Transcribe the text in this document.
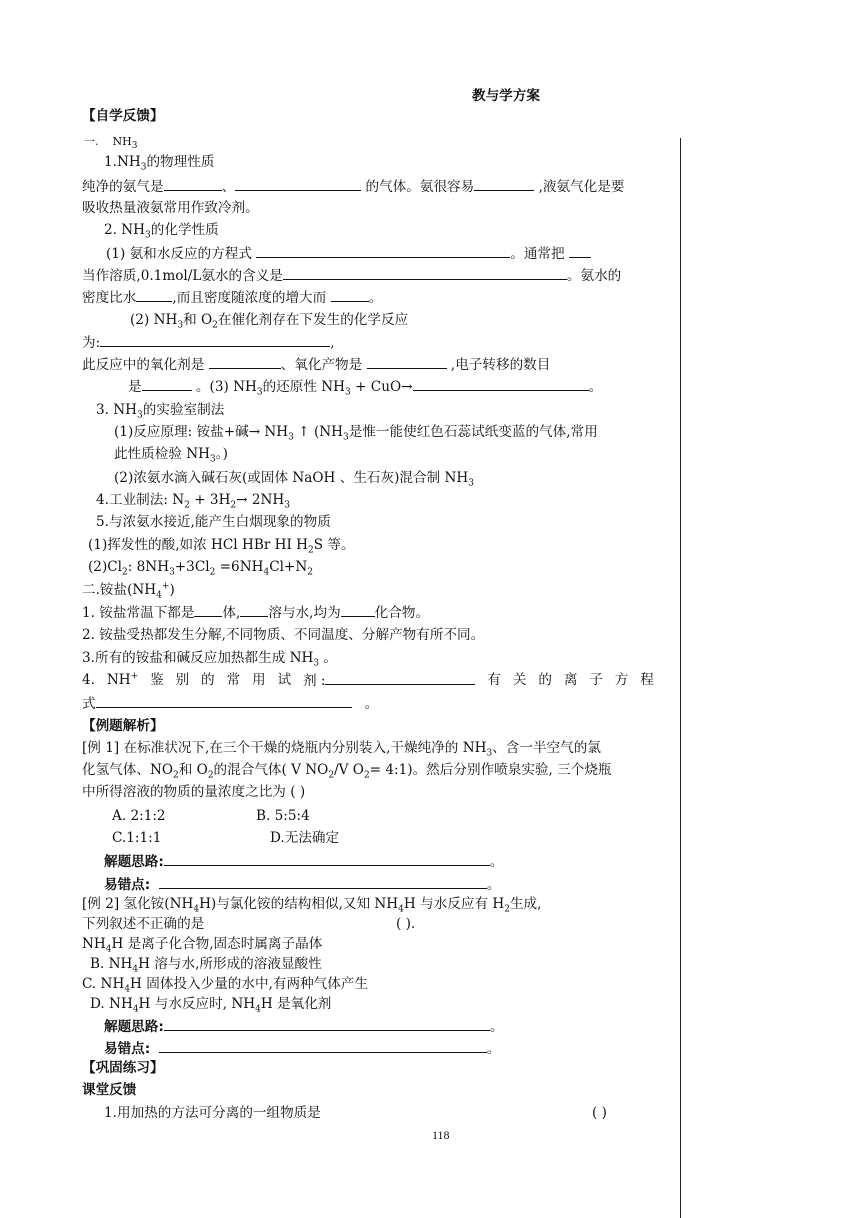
教与学方案
【自学反馈】
一. $NH_3$
$1.NH_3$的物理性质
纯净的氨气是	、	的气体。氨很容易	,液氨气化是要
吸收热量液氨常用作致冷剂。
2. $NH_3$的化学性质
(1) 氨和水反应的方程式	。通常把
当作溶质,0.1mol/L氨水的含义是	。氨水的
密度比水	,而且密度随浓度的增大而	。
(2) $NH_3$和 $O_2$在催化剂存在下发生的化学反应
为:	,
此反应中的氧化剂是	、氧化产物是	,电子转移的数目
是	。(3) $NH_3$的还原性 $NH_3 + CuO\to$	。
3. $NH_3$的实验室制法
(1)反应原理: 铵盐+碱→ $NH_3$ ↑ ($NH_3$是惟一能使红色石蕊试纸变蓝的气体,常用
此性质检验 $NH_3$。)
(2)浓氨水滴入碱石灰(或固体 NaOH 、生石灰)混合制 $NH_3$
4.工业制法: $N_2 + 3H_2\to 2NH_3$
5.与浓氨水接近,能产生白烟现象的物质
(1)挥发性的酸,如浓 HCl HBr HI $H_2S$ 等。
$(2)Cl_2$: $8NH_3+3Cl_2 =6NH_4Cl+N_2$
二.铵盐$(NH_4^+)$
1. 铵盐常温下都是 体, 溶与水,均为	化合物。
2. 铵盐受热都发生分解,不同物质、不同温度、分解产物有所不同。
3.所有的铵盐和碱反应加热都生成 $NH_3$ 。
4. NH+ 鉴 别 的 常 用 试 剂 :	有 关 的 离 子 方 程
式	。
【例题解析】
[例 1] 在标准状况下,在三个干燥的烧瓶内分别装入,干燥纯净的 $NH_3$、含一半空气的氯
化氢气体、$NO_2$和 $O_2$的混合气体( V $NO_2/V$ $O_2=$ 4:1)。然后分别作喷泉实验, 三个烧瓶
中所得溶液的物质的量浓度之比为 ( )
A. 2:1:2	B. 5:5:4
C.1:1:1	D.无法确定
解题思路:	。
易错点:	。
[例 2] 氢化铵$(NH_4H)$与氯化铵的结构相似,又知 $NH_4H$ 与水反应有 $H_2$生成,
下列叙述不正确的是	( ).
$NH_4H$ 是离子化合物,固态时属离子晶体
B. $NH_4H$ 溶与水,所形成的溶液显酸性
C. $NH_4H$ 固体投入少量的水中,有两种气体产生
D. $NH_4H$ 与水反应时, $NH_4H$ 是氧化剂
解题思路:	。
易错点:	。
【巩固练习】
课堂反馈
1.用加热的方法可分离的一组物质是	( )
118
